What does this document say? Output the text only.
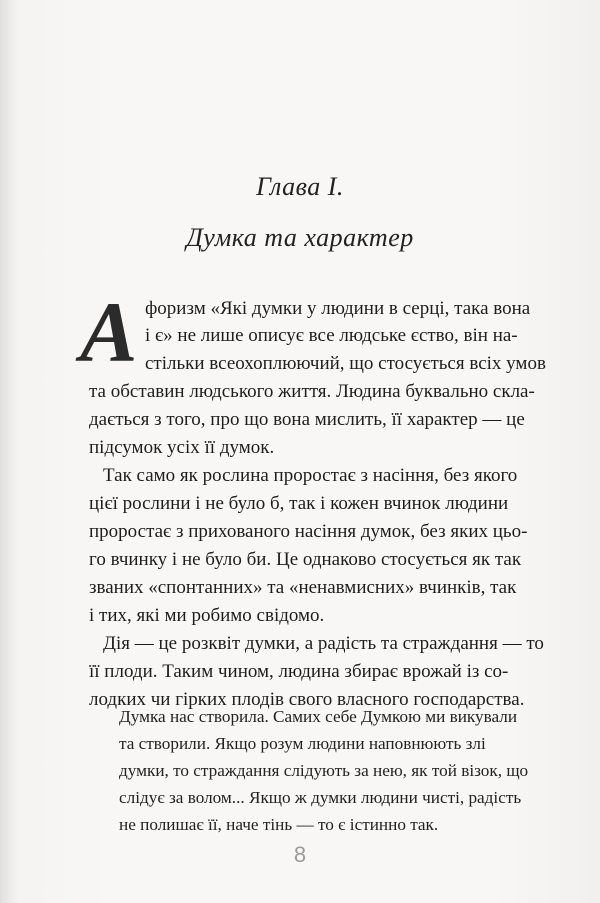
Глава І.
Думка та характер
А форизм «Які думки у людини в серці, така вона
і є» не лише описує все людське єство, він на-
стільки всеохоплюючий, що стосується всіх умов
та обставин людського життя. Людина буквально скла-
дається з того, про що вона мислить, її характер — це
підсумок усіх її думок.
Так само як рослина проростає з насіння, без якого
цієї рослини і не було б, так і кожен вчинок людини
проростає з прихованого насіння думок, без яких цьо-
го вчинку і не було би. Це однаково стосується як так
званих «спонтанних» та «ненавмисних» вчинків, так
і тих, які ми робимо свідомо.
Дія — це розквіт думки, а радість та страждання — то
її плоди. Таким чином, людина збирає врожай із со-
лодких чи гірких плодів свого власного господарства.
Думка нас створила. Самих себе Думкою ми викували
та створили. Якщо розум людини наповнюють злі
думки, то страждання слідують за нею, як той візок, що
слідує за волом... Якщо ж думки людини чисті, радість
не полишає її, наче тінь — то є істинно так.
8
